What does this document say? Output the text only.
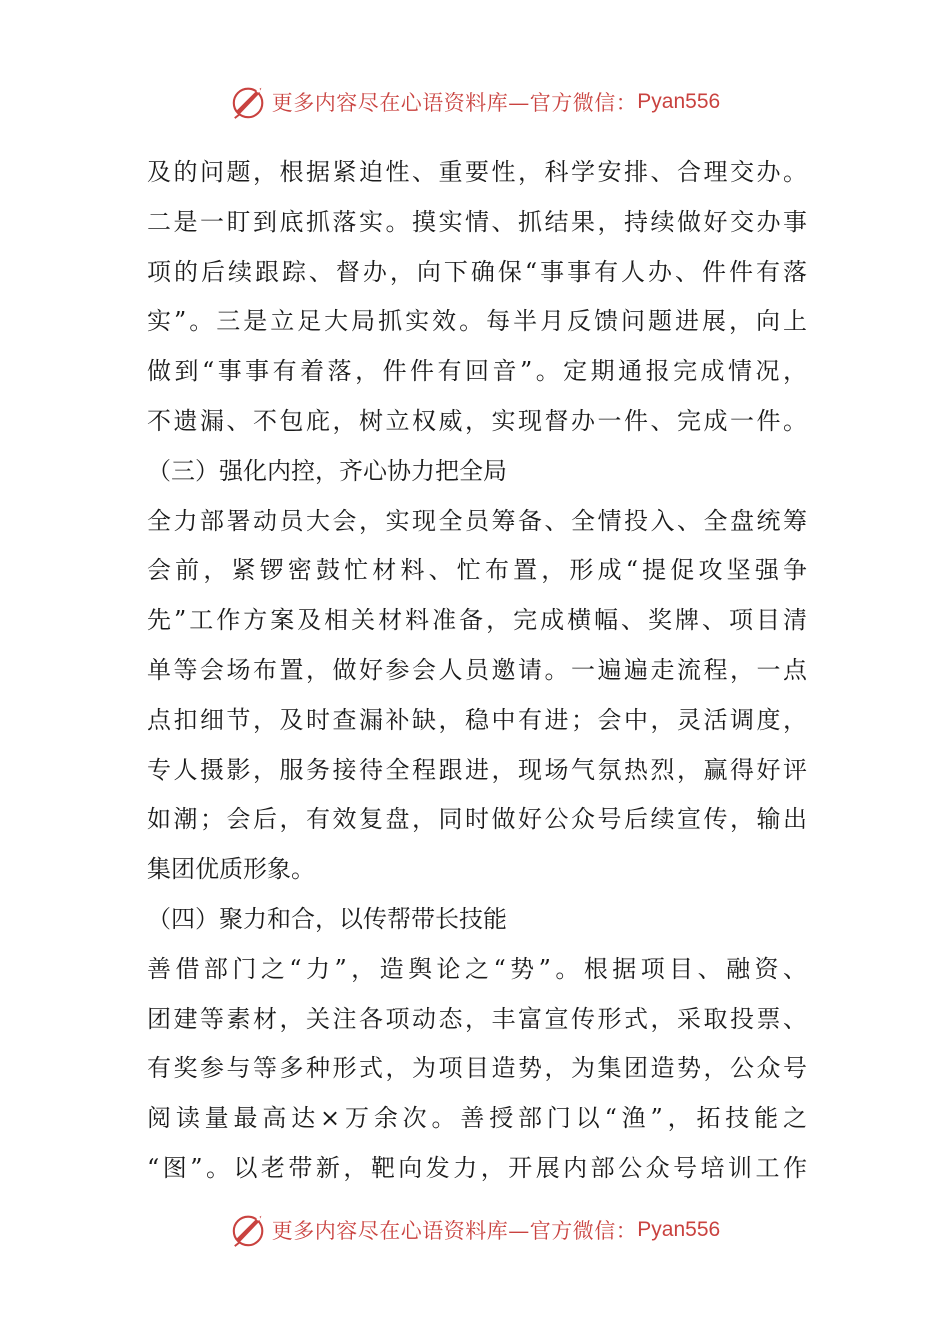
更多内容尽在心语资料库— 官方微信： Pyan556
及的问题，根据紧迫性、重要性，科学安排、合理交办。
二是一盯到底抓落实。摸实情、抓结果，持续做好交办事
项的后续跟踪、督办，向下确保“事事有人办、件件有落
实”。三是立足大局抓实效。每半月反馈问题进展，向上
做到“事事有着落，件件有回音”。定期通报完成情况，
不遗漏、不包庇，树立权威，实现督办一件、完成一件。
（三）强化内控，齐心协力把全局
全力部署动员大会，实现全员筹备、全情投入、全盘统筹
会前，紧锣密鼓忙材料、忙布置，形成“提促攻坚强争
先”工作方案及相关材料准备，完成横幅、奖牌、项目清
单等会场布置，做好参会人员邀请。一遍遍走流程，一点
点扣细节，及时查漏补缺，稳中有进；会中，灵活调度，
专人摄影，服务接待全程跟进，现场气氛热烈，赢得好评
如潮；会后，有效复盘，同时做好公众号后续宣传，输出
集团优质形象。
（四）聚力和合，以传帮带长技能
善借部门之“力”，造舆论之“势”。根据项目、融资、
团建等素材，关注各项动态，丰富宣传形式，采取投票、
有奖参与等多种形式，为项目造势，为集团造势，公众号
阅读量最高达×万余次。善授部门以“渔”，拓技能之
“图”。以老带新，靶向发力，开展内部公众号培训工作
更多内容尽在心语资料库— 官方微信： Pyan556
